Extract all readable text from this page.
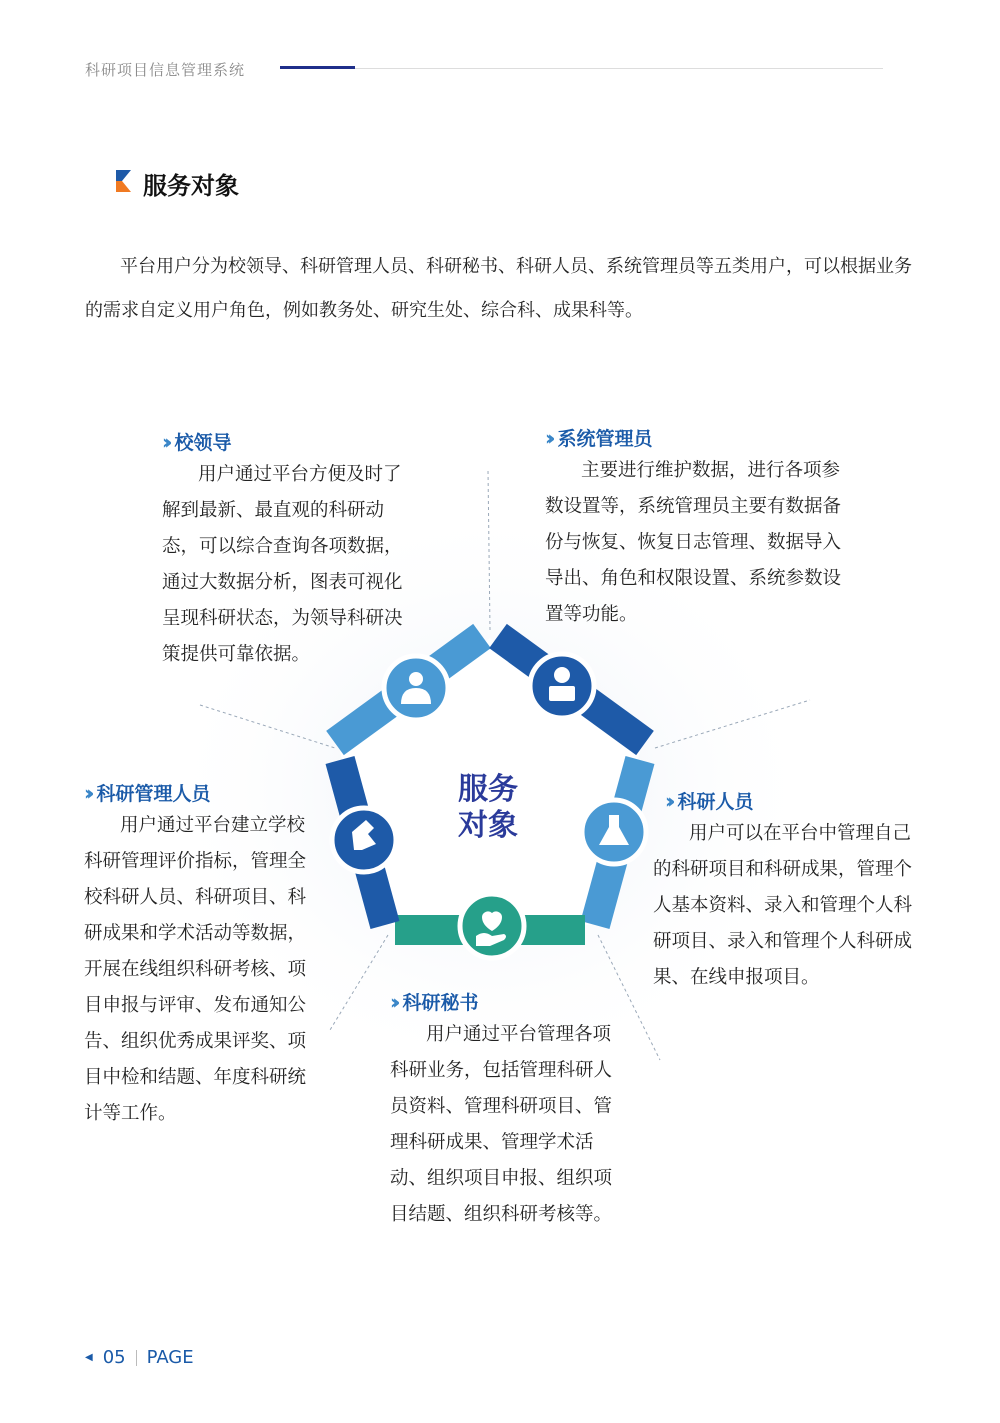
科研项目信息管理系统
服务对象
平台用户分为校领导、科研管理人员、科研秘书、科研人员、系统管理员等五类用户，可以根据业务
的需求自定义用户角色，例如教务处、研究生处、综合科、成果科等。
服务
对象
›› 校领导
用户通过平台方便及时了
解到最新、最直观的科研动
态，可以综合查询各项数据，
通过大数据分析，图表可视化
呈现科研状态，为领导科研决
策提供可靠依据。
›› 系统管理员
主要进行维护数据，进行各项参
数设置等，系统管理员主要有数据备
份与恢复、恢复日志管理、数据导入
导出、角色和权限设置、系统参数设
置等功能。
›› 科研管理人员
用户通过平台建立学校
科研管理评价指标，管理全
校科研人员、科研项目、科
研成果和学术活动等数据，
开展在线组织科研考核、项
目申报与评审、发布通知公
告、组织优秀成果评奖、项
目中检和结题、年度科研统
计等工作。
›› 科研人员
用户可以在平台中管理自己
的科研项目和科研成果，管理个
人基本资料、录入和管理个人科
研项目、录入和管理个人科研成
果、在线申报项目。
›› 科研秘书
用户通过平台管理各项
科研业务，包括管理科研人
员资料、管理科研项目、管
理科研成果、管理学术活
动、组织项目申报、组织项
目结题、组织科研考核等。
◀ 05 PAGE
